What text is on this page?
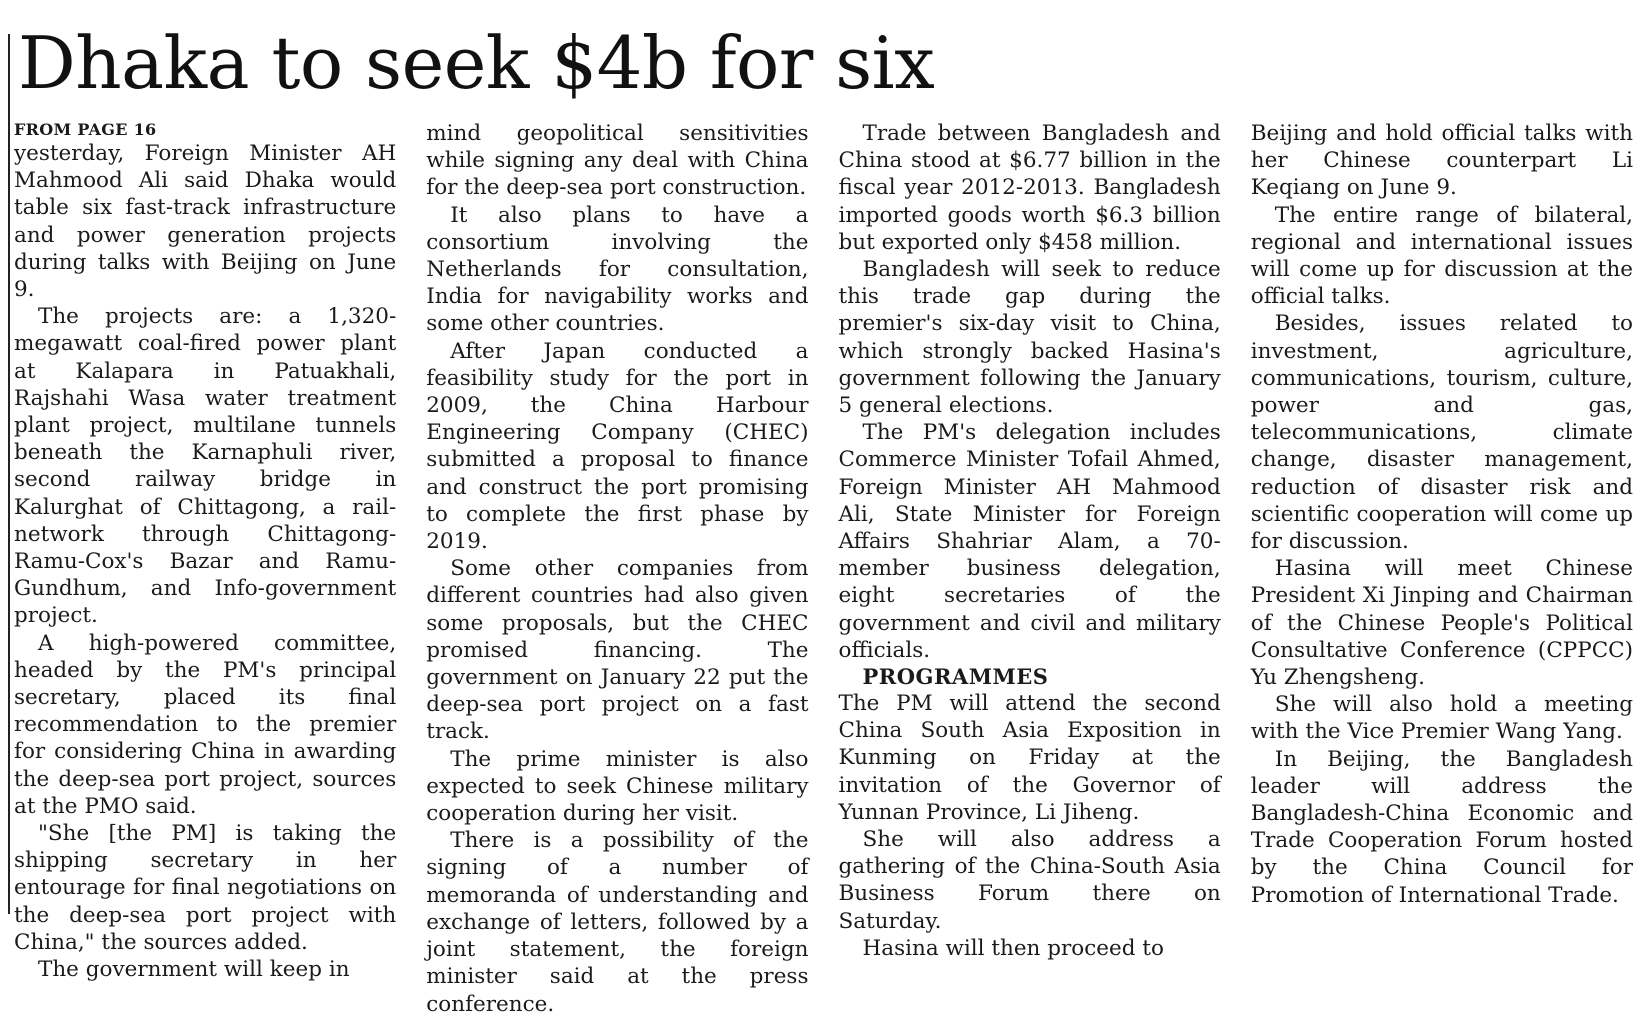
Dhaka to seek $4b for six
FROM PAGE 16

yesterday, Foreign Minister AH Mahmood Ali said Dhaka would table six fast-track infrastructure and power generation projects during talks with Beijing on June 9.

The projects are: a 1,320-megawatt coal-fired power plant at Kalapara in Patuakhali, Rajshahi Wasa water treatment plant project, multilane tunnels beneath the Karnaphuli river, second railway bridge in Kalurghat of Chittagong, a rail-network through Chittagong-Ramu-Cox's Bazar and Ramu-Gundhum, and Info-government project.

A high-powered committee, headed by the PM's principal secretary, placed its final recommendation to the premier for considering China in awarding the deep-sea port project, sources at the PMO said.

"She [the PM] is taking the shipping secretary in her entourage for final negotiations on the deep-sea port project with China," the sources added.

The government will keep in

mind geopolitical sensitivities while signing any deal with China for the deep-sea port construction.

It also plans to have a consortium involving the Netherlands for consultation, India for navigability works and some other countries.

After Japan conducted a feasibility study for the port in 2009, the China Harbour Engineering Company (CHEC) submitted a proposal to finance and construct the port promising to complete the first phase by 2019.

Some other companies from different countries had also given some proposals, but the CHEC promised financing. The government on January 22 put the deep-sea port project on a fast track.

The prime minister is also expected to seek Chinese military cooperation during her visit.

There is a possibility of the signing of a number of memoranda of understanding and exchange of letters, followed by a joint statement, the foreign minister said at the press conference.

Trade between Bangladesh and China stood at $6.77 billion in the fiscal year 2012-2013. Bangladesh imported goods worth $6.3 billion but exported only $458 million.

Bangladesh will seek to reduce this trade gap during the premier's six-day visit to China, which strongly backed Hasina's government following the January 5 general elections.

The PM's delegation includes Commerce Minister Tofail Ahmed, Foreign Minister AH Mahmood Ali, State Minister for Foreign Affairs Shahriar Alam, a 70-member business delegation, eight secretaries of the government and civil and military officials.

PROGRAMMES

The PM will attend the second China South Asia Exposition in Kunming on Friday at the invitation of the Governor of Yunnan Province, Li Jiheng.

She will also address a gathering of the China-South Asia Business Forum there on Saturday.

Hasina will then proceed to

Beijing and hold official talks with her Chinese counterpart Li Keqiang on June 9.

The entire range of bilateral, regional and international issues will come up for discussion at the official talks.

Besides, issues related to investment, agriculture, communications, tourism, culture, power and gas, telecommunications, climate change, disaster management, reduction of disaster risk and scientific cooperation will come up for discussion.

Hasina will meet Chinese President Xi Jinping and Chairman of the Chinese People's Political Consultative Conference (CPPCC) Yu Zhengsheng.

She will also hold a meeting with the Vice Premier Wang Yang.

In Beijing, the Bangladesh leader will address the Bangladesh-China Economic and Trade Cooperation Forum hosted by the China Council for Promotion of International Trade.
